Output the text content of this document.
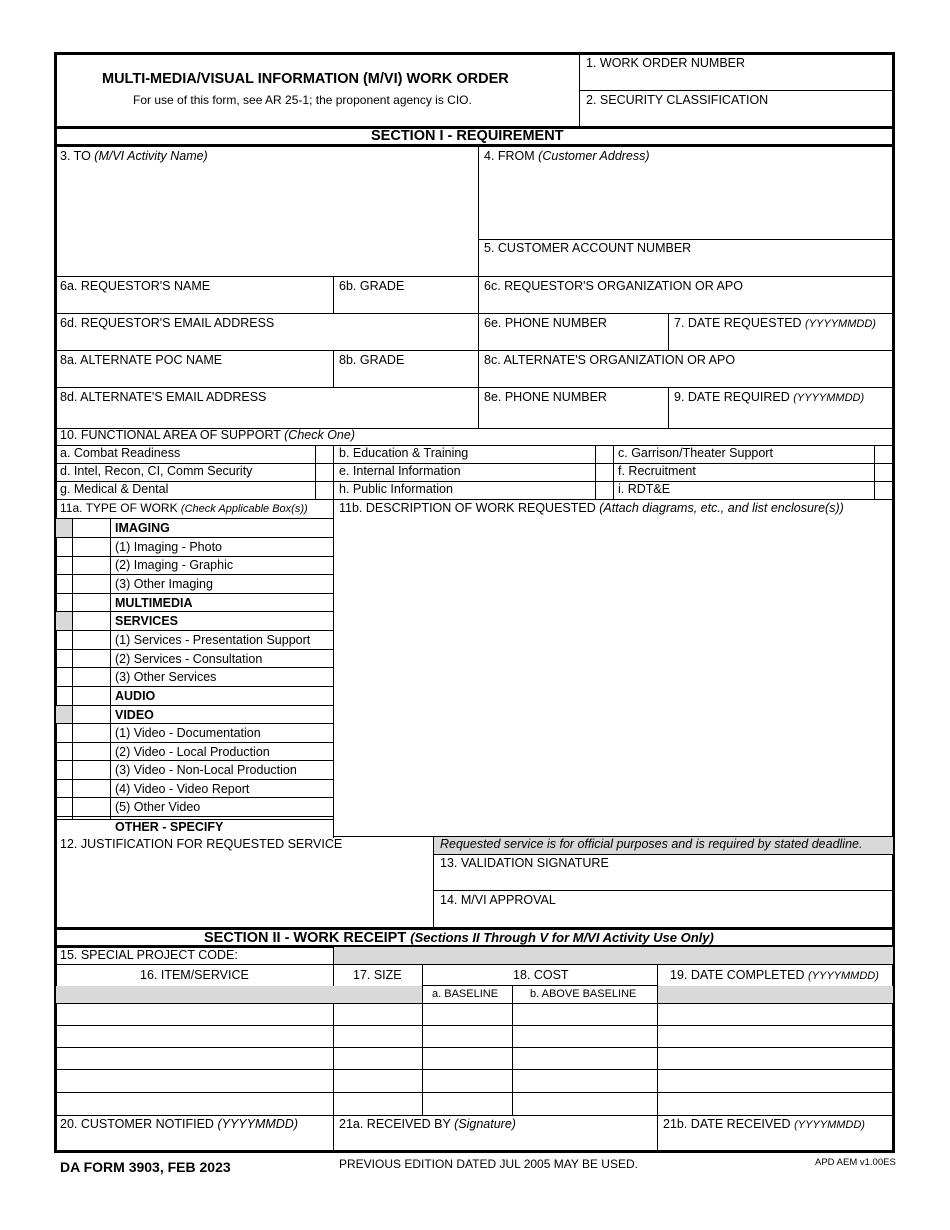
MULTI-MEDIA/VISUAL INFORMATION (M/VI) WORK ORDER
For use of this form, see AR 25-1; the proponent agency is CIO.
1. WORK ORDER NUMBER
2. SECURITY CLASSIFICATION
SECTION I - REQUIREMENT
3. TO (M/VI Activity Name)	4. FROM (Customer Address)
5. CUSTOMER ACCOUNT NUMBER
6a. REQUESTOR'S NAME	6b. GRADE	6c. REQUESTOR'S ORGANIZATION OR APO
6d. REQUESTOR'S EMAIL ADDRESS	6e. PHONE NUMBER	7. DATE REQUESTED (YYYYMMDD)
8a. ALTERNATE POC NAME	8b. GRADE	8c. ALTERNATE'S ORGANIZATION OR APO
8d. ALTERNATE'S EMAIL ADDRESS	8e. PHONE NUMBER	9. DATE REQUIRED (YYYYMMDD)
10. FUNCTIONAL AREA OF SUPPORT (Check One)
a. Combat Readiness	b. Education & Training	c. Garrison/Theater Support
d. Intel, Recon, CI, Comm Security	e. Internal Information	f. Recruitment
g. Medical & Dental	h. Public Information	i. RDT&E
11a. TYPE OF WORK (Check Applicable Box(s))	11b. DESCRIPTION OF WORK REQUESTED (Attach diagrams, etc., and list enclosure(s))
IMAGING
(1) Imaging - Photo
(2) Imaging - Graphic
(3) Other Imaging
MULTIMEDIA
SERVICES
(1) Services - Presentation Support
(2) Services - Consultation
(3) Other Services
AUDIO
VIDEO
(1) Video - Documentation
(2) Video - Local Production
(3) Video - Non-Local Production
(4) Video - Video Report
(5) Other Video
OTHER - SPECIFY
Requested service is for official purposes and is required by stated deadline.
12. JUSTIFICATION FOR REQUESTED SERVICE
13. VALIDATION SIGNATURE
14. M/VI APPROVAL
SECTION II - WORK RECEIPT (Sections II Through V for M/VI Activity Use Only)
15. SPECIAL PROJECT CODE:
16. ITEM/SERVICE	17. SIZE	18. COST	19. DATE COMPLETED (YYYYMMDD)
a. BASELINE	b. ABOVE BASELINE
20. CUSTOMER NOTIFIED (YYYYMMDD)	21a. RECEIVED BY (Signature)	21b. DATE RECEIVED (YYYYMMDD)
DA FORM 3903, FEB 2023	PREVIOUS EDITION DATED JUL 2005 MAY BE USED.	APD AEM v1.00ES
